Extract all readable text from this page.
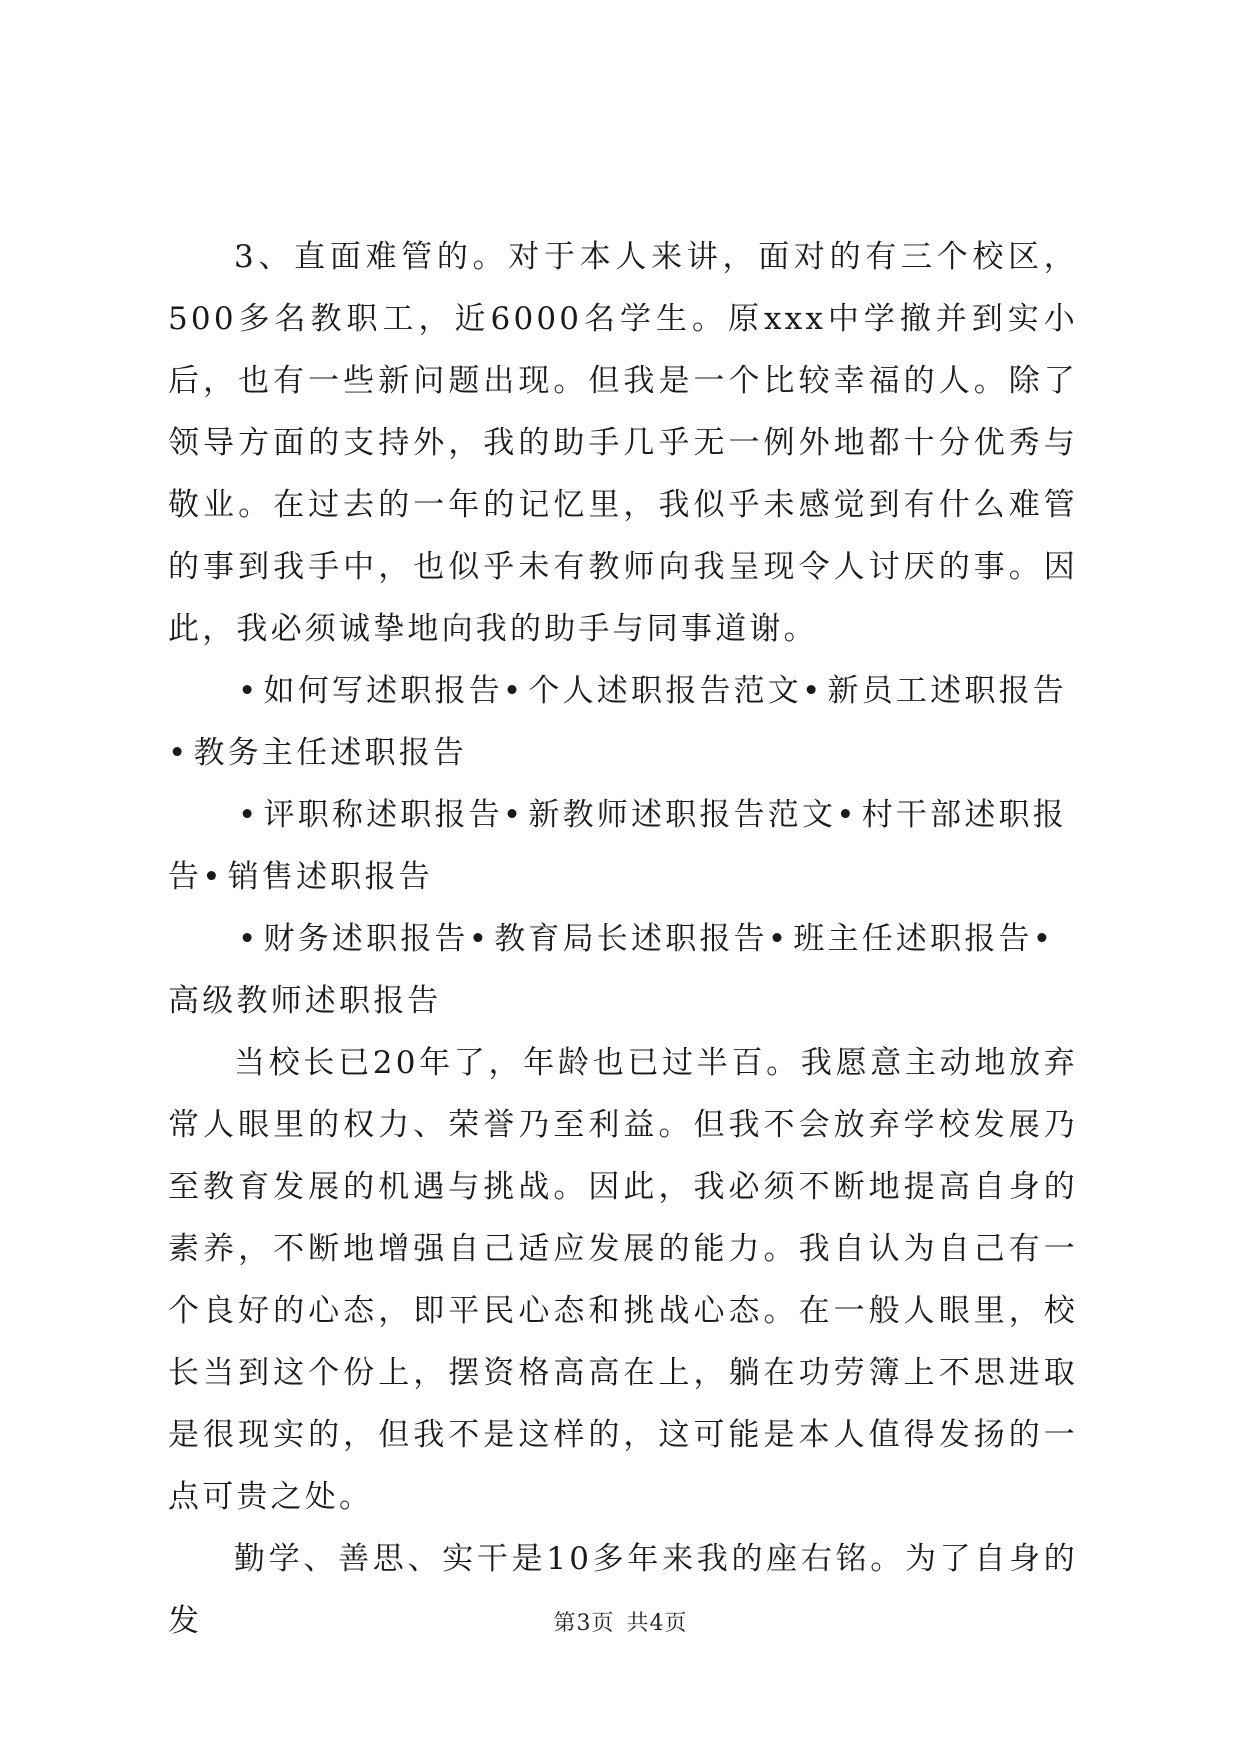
3、直面难管的。对于本人来讲，面对的有三个校区，500多名教职工，近6000名学生。原xxx中学撤并到实小后，也有一些新问题出现。但我是一个比较幸福的人。除了领导方面的支持外，我的助手几乎无一例外地都十分优秀与敬业。在过去的一年的记忆里，我似乎未感觉到有什么难管的事到我手中，也似乎未有教师向我呈现令人讨厌的事。因此，我必须诚挚地向我的助手与同事道谢。

• 如何写述职报告 • 个人述职报告范文 • 新员工述职报告• 教务主任述职报告

• 评职称述职报告 • 新教师述职报告范文 • 村干部述职报告 • 销售述职报告

• 财务述职报告 • 教育局长述职报告 • 班主任述职报告• 高级教师述职报告

当校长已20年了，年龄也已过半百。我愿意主动地放弃常人眼里的权力、荣誉乃至利益。但我不会放弃学校发展乃至教育发展的机遇与挑战。因此，我必须不断地提高自身的素养，不断地增强自己适应发展的能力。我自认为自己有一个良好的心态，即平民心态和挑战心态。在一般人眼里，校长当到这个份上，摆资格高高在上，躺在功劳簿上不思进取是很现实的，但我不是这样的，这可能是本人值得发扬的一点可贵之处。

勤学、善思、实干是10多年来我的座右铭。为了自身的发	第3页 共4页
